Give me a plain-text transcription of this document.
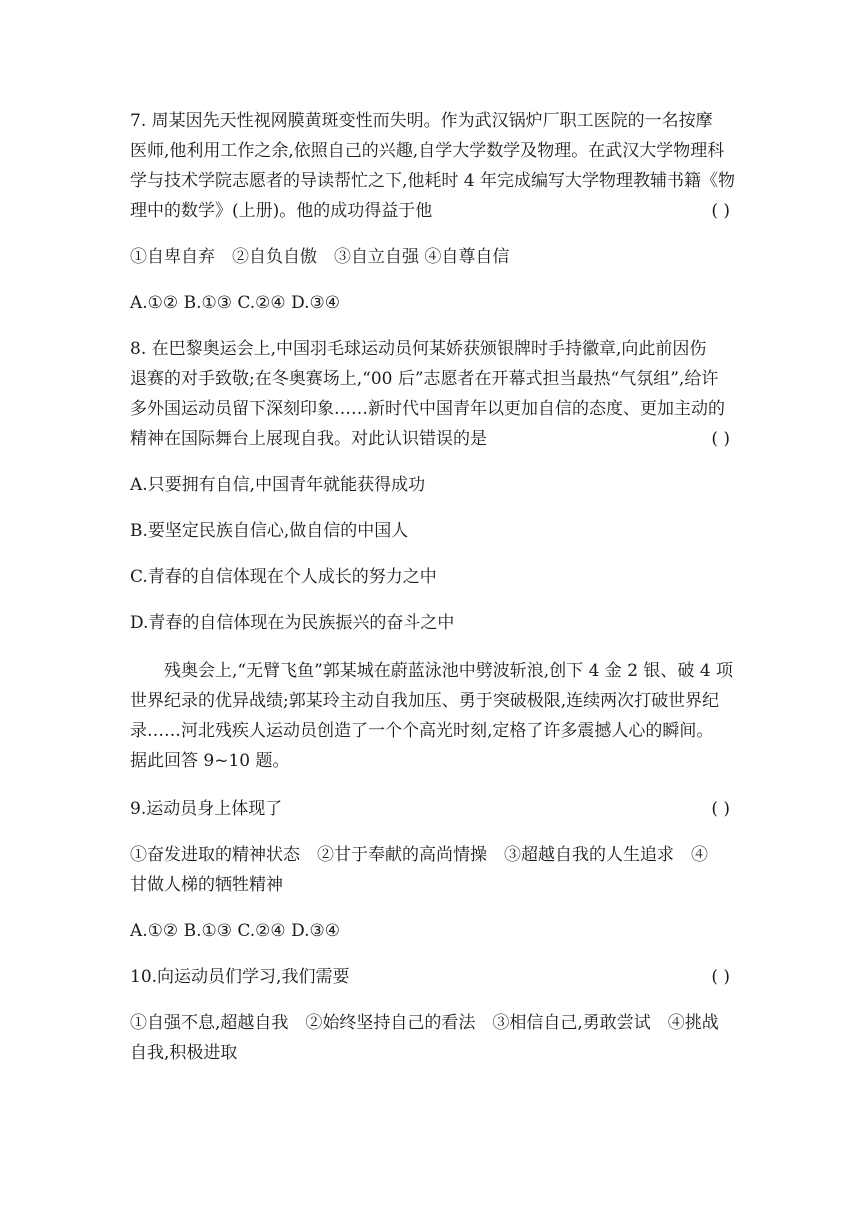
7. 周某因先天性视网膜黄斑变性而失明。作为武汉锅炉厂职工医院的一名按摩
医师,他利用工作之余,依照自己的兴趣,自学大学数学及物理。在武汉大学物理科
学与技术学院志愿者的导读帮忙之下,他耗时 4 年完成编写大学物理教辅书籍《物
理中的数学》(上册)。他的成功得益于他	( )
①自卑自弃　②自负自傲　③自立自强 ④自尊自信
A.①② B.①③ C.②④ D.③④
8. 在巴黎奥运会上,中国羽毛球运动员何某娇获颁银牌时手持徽章,向此前因伤
退赛的对手致敬;在冬奥赛场上,“00 后”志愿者在开幕式担当最热“气氛组”,给许
多外国运动员留下深刻印象……新时代中国青年以更加自信的态度、更加主动的
精神在国际舞台上展现自我。对此认识错误的是	( )
A.只要拥有自信,中国青年就能获得成功
B.要坚定民族自信心,做自信的中国人
C.青春的自信体现在个人成长的努力之中
D.青春的自信体现在为民族振兴的奋斗之中
残奥会上,“无臂飞鱼”郭某城在蔚蓝泳池中劈波斩浪,创下 4 金 2 银、破 4 项
世界纪录的优异战绩;郭某玲主动自我加压、勇于突破极限,连续两次打破世界纪
录……河北残疾人运动员创造了一个个高光时刻,定格了许多震撼人心的瞬间。
据此回答 9~10 题。
9.运动员身上体现了	( )
①奋发进取的精神状态　②甘于奉献的高尚情操　③超越自我的人生追求　④
甘做人梯的牺牲精神
A.①② B.①③ C.②④ D.③④
10.向运动员们学习,我们需要	( )
①自强不息,超越自我　②始终坚持自己的看法　③相信自己,勇敢尝试　④挑战
自我,积极进取
